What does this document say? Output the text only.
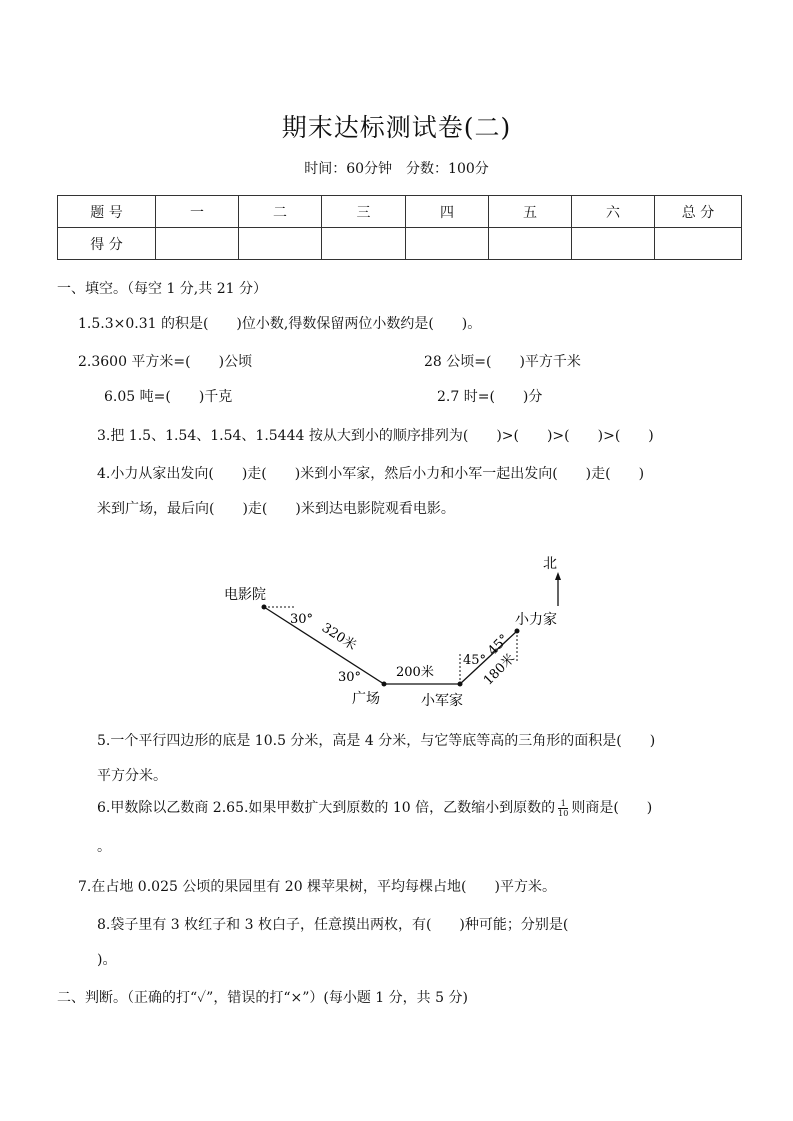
期末达标测试卷(二)
时间：60分钟　分数：100分
题 号	一	二	三	四	五	六	总 分
得 分							
一、填空。（每空 1 分,共 21 分）
1.5.3×0.31 的积是(　　)位小数,得数保留两位小数约是(　　)。
2.3600 平方米=(　　)公顷	28 公顷=(　　)平方千米
6.05 吨=(　　)千克	2.7 时=(　　)分
3.把 1.5、1.54、1.54、1.5444 按从大到小的顺序排列为(　　)>(　　)>(　　)>(　　)
4.小力从家出发向(　　)走(　　)米到小军家，然后小力和小军一起出发向(　　)走(　　)
米到广场，最后向(　　)走(　　)米到达电影院观看电影。
北
电影院
广场	小军家
小力家
30°
30°
45°
45°
320米
200米	180米
5.一个平行四边形的底是 10.5 分米，高是 4 分米，与它等底等高的三角形的面积是(　　)
平方分米。
6.甲数除以乙数商 2.65.如果甲数扩大到原数的 10 倍，乙数缩小到原数的 $\frac{1}{10}$ 则商是(　　)
。
7.在占地 0.025 公顷的果园里有 20 棵苹果树，平均每棵占地(　　)平方米。
8.袋子里有 3 枚红子和 3 枚白子，任意摸出两枚，有(　　)种可能；分别是(
)。
二、判断。（正确的打“✓”，错误的打“×”）(每小题 1 分，共 5 分)
